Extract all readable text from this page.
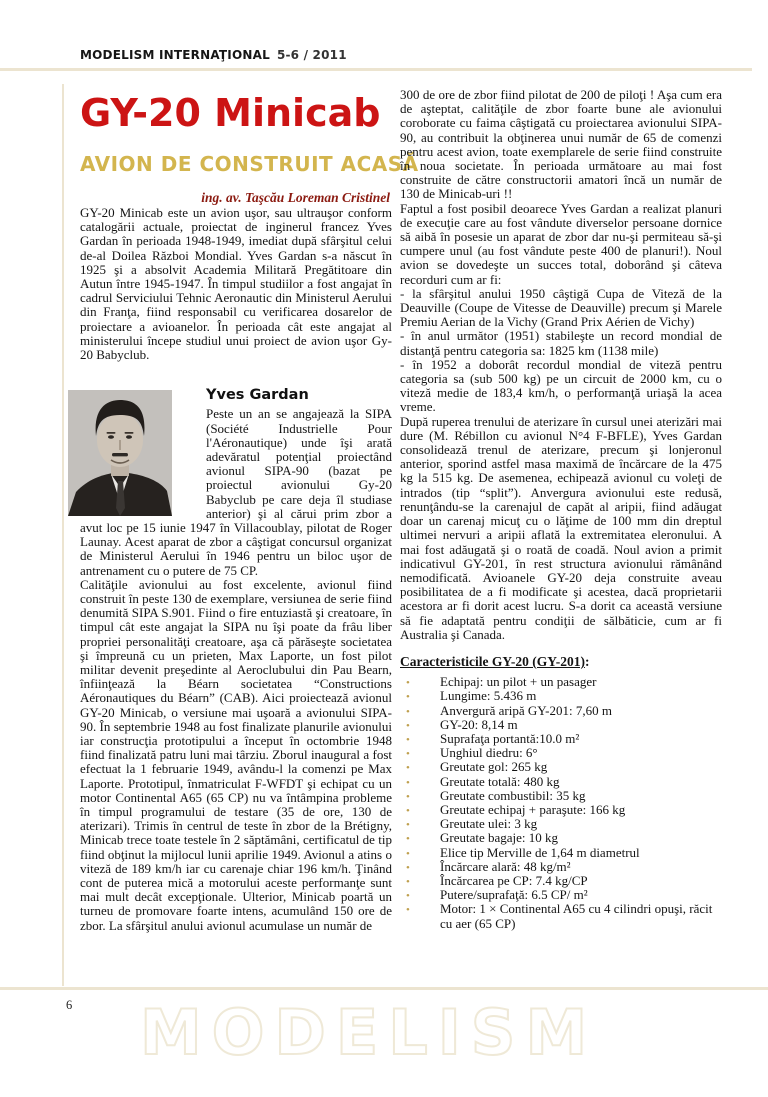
MODELISM INTERNAŢIONAL 5-6 / 2011
GY-20 Minicab
AVION DE CONSTRUIT ACASĂ
ing. av. Taşcău Loreman Cristinel

GY-20 Minicab este un avion uşor, sau ultrauşor conform catalogării actuale, proiectat de inginerul francez Yves Gardan în perioada 1948-1949, imediat după sfârşitul celui de-al Doilea Război Mondial. Yves Gardan s-a născut în 1925 şi a absolvit Academia Militară Pregătitoare din Autun între 1945-1947. În timpul studiilor a fost angajat în cadrul Serviciului Tehnic Aeronautic din Ministerul Aerului din Franţa, fiind responsabil cu verificarea dosarelor de proiectare a avioanelor. În perioada cât este angajat al ministerului începe studiul unui proiect de avion uşor Gy-20 Babyclub.

Yves Gardan

Peste un an se angajează la SIPA (Société Industrielle Pour l'Aéronautique) unde îşi arată adevăratul potenţial proiectând avionul SIPA-90 (bazat pe proiectul avionului Gy-20 Babyclub pe care deja îl studiase anterior) şi al cărui prim zbor a avut loc pe 15 iunie 1947 în Villacoublay, pilotat de Roger Launay. Acest aparat de zbor a câştigat concursul organizat de Ministerul Aerului în 1946 pentru un biloc uşor de antrenament cu o putere de 75 CP.

Calităţile avionului au fost excelente, avionul fiind construit în peste 130 de exemplare, versiunea de serie fiind denumită SIPA S.901. Fiind o fire entuziastă şi creatoare, în timpul cât este angajat la SIPA nu îşi poate da frâu liber propriei personalităţi creatoare, aşa că părăseşte societatea şi împreună cu un prieten, Max Laporte, un fost pilot militar devenit preşedinte al Aeroclubului din Pau Bearn, înfiinţează la Béarn societatea “Constructions Aéronautiques du Béarn” (CAB). Aici proiectează avionul GY-20 Minicab, o versiune mai uşoară a avionului SIPA-90. În septembrie 1948 au fost finalizate planurile avionului iar construcţia prototipului a început în octombrie 1948 fiind finalizată patru luni mai târziu. Zborul inaugural a fost efectuat la 1 februarie 1949, avându-l la comenzi pe Max Laporte. Prototipul, înmatriculat F-WFDT şi echipat cu un motor Continental A65 (65 CP) nu va întâmpina probleme în timpul programului de testare (35 de ore, 130 de aterizari). Trimis în centrul de teste în zbor de la Brétigny, Minicab trece toate testele în 2 săptămâni, certificatul de tip fiind obţinut la mijlocul lunii aprilie 1949. Avionul a atins o viteză de 189 km/h iar cu carenaje chiar 196 km/h. Ţinând cont de puterea mică a motorului aceste performanţe sunt mai mult decât excepţionale. Ulterior, Minicab poartă un turneu de promovare foarte intens, acumulând 150 ore de zbor. La sfârşitul anului avionul acumulase un număr de

300 de ore de zbor fiind pilotat de 200 de piloţi ! Aşa cum era de aşteptat, calităţile de zbor foarte bune ale avionului coroborate cu faima câştigată cu proiectarea avionului SIPA-90, au contribuit la obţinerea unui număr de 65 de comenzi pentru acest avion, toate exemplarele de serie fiind construite în noua societate. În perioada următoare au mai fost construite de către constructorii amatori încă un număr de 130 de Minicab-uri !!

Faptul a fost posibil deoarece Yves Gardan a realizat planuri de execuţie care au fost vândute diverselor persoane dornice să aibă în posesie un aparat de zbor dar nu-şi permiteau să-şi cumpere unul (au fost vândute peste 400 de planuri!). Noul avion se dovedeşte un succes total, doborând şi câteva recorduri cum ar fi:

- la sfârşitul anului 1950 câştigă Cupa de Viteză de la Deauville (Coupe de Vitesse de Deauville) precum şi Marele Premiu Aerian de la Vichy (Grand Prix Aérien de Vichy)

- în anul următor (1951) stabileşte un record mondial de distanţă pentru categoria sa: 1825 km (1138 mile)

- în 1952 a doborât recordul mondial de viteză pentru categoria sa (sub 500 kg) pe un circuit de 2000 km, cu o viteză medie de 183,4 km/h, o performanţă uriaşă la acea vreme.

După ruperea trenului de aterizare în cursul unei aterizări mai dure (M. Rébillon cu avionul N°4 F-BFLE), Yves Gardan consolidează trenul de aterizare, precum şi lonjeronul anterior, sporind astfel masa maximă de încărcare de la 475 kg la 515 kg. De asemenea, echipează avionul cu voleţi de intrados (tip “split”). Anvergura avionului este redusă, renunţându-se la carenajul de capăt al aripii, fiind adăugat doar un carenaj micuţ cu o lăţime de 100 mm din dreptul ultimei nervuri a aripii aflată la extremitatea eleronului. A mai fost adăugată şi o roată de coadă. Noul avion a primit indicativul GY-201, în rest structura avionului rămânând nemodificată. Avioanele GY-20 deja construite aveau posibilitatea de a fi modificate şi acestea, dacă proprietarii acestora ar fi dorit acest lucru. S-a dorit ca această versiune să fie adaptată pentru condiţii de sălbăticie, cum ar fi Australia şi Canada.

Caracteristicile GY-20 (GY-201):
• Echipaj: un pilot + un pasager
• Lungime: 5.436 m
• Anvergură aripă GY-201: 7,60 m
• GY-20: 8,14 m
• Suprafaţa portantă:10.0 m²
• Unghiul diedru: 6°
• Greutate gol: 265 kg
• Greutate totală: 480 kg
• Greutate combustibil: 35 kg
• Greutate echipaj + paraşute: 166 kg
• Greutate ulei: 3 kg
• Greutate bagaje: 10 kg
• Elice tip Merville de 1,64 m diametrul
• Încărcare alară: 48 kg/m²
• Încărcarea pe CP: 7.4 kg/CP
• Putere/suprafaţă: 6.5 CP/ m²
• Motor: 1 × Continental A65 cu 4 cilindri opuşi, răcit cu aer (65 CP)
6 MODELISM
